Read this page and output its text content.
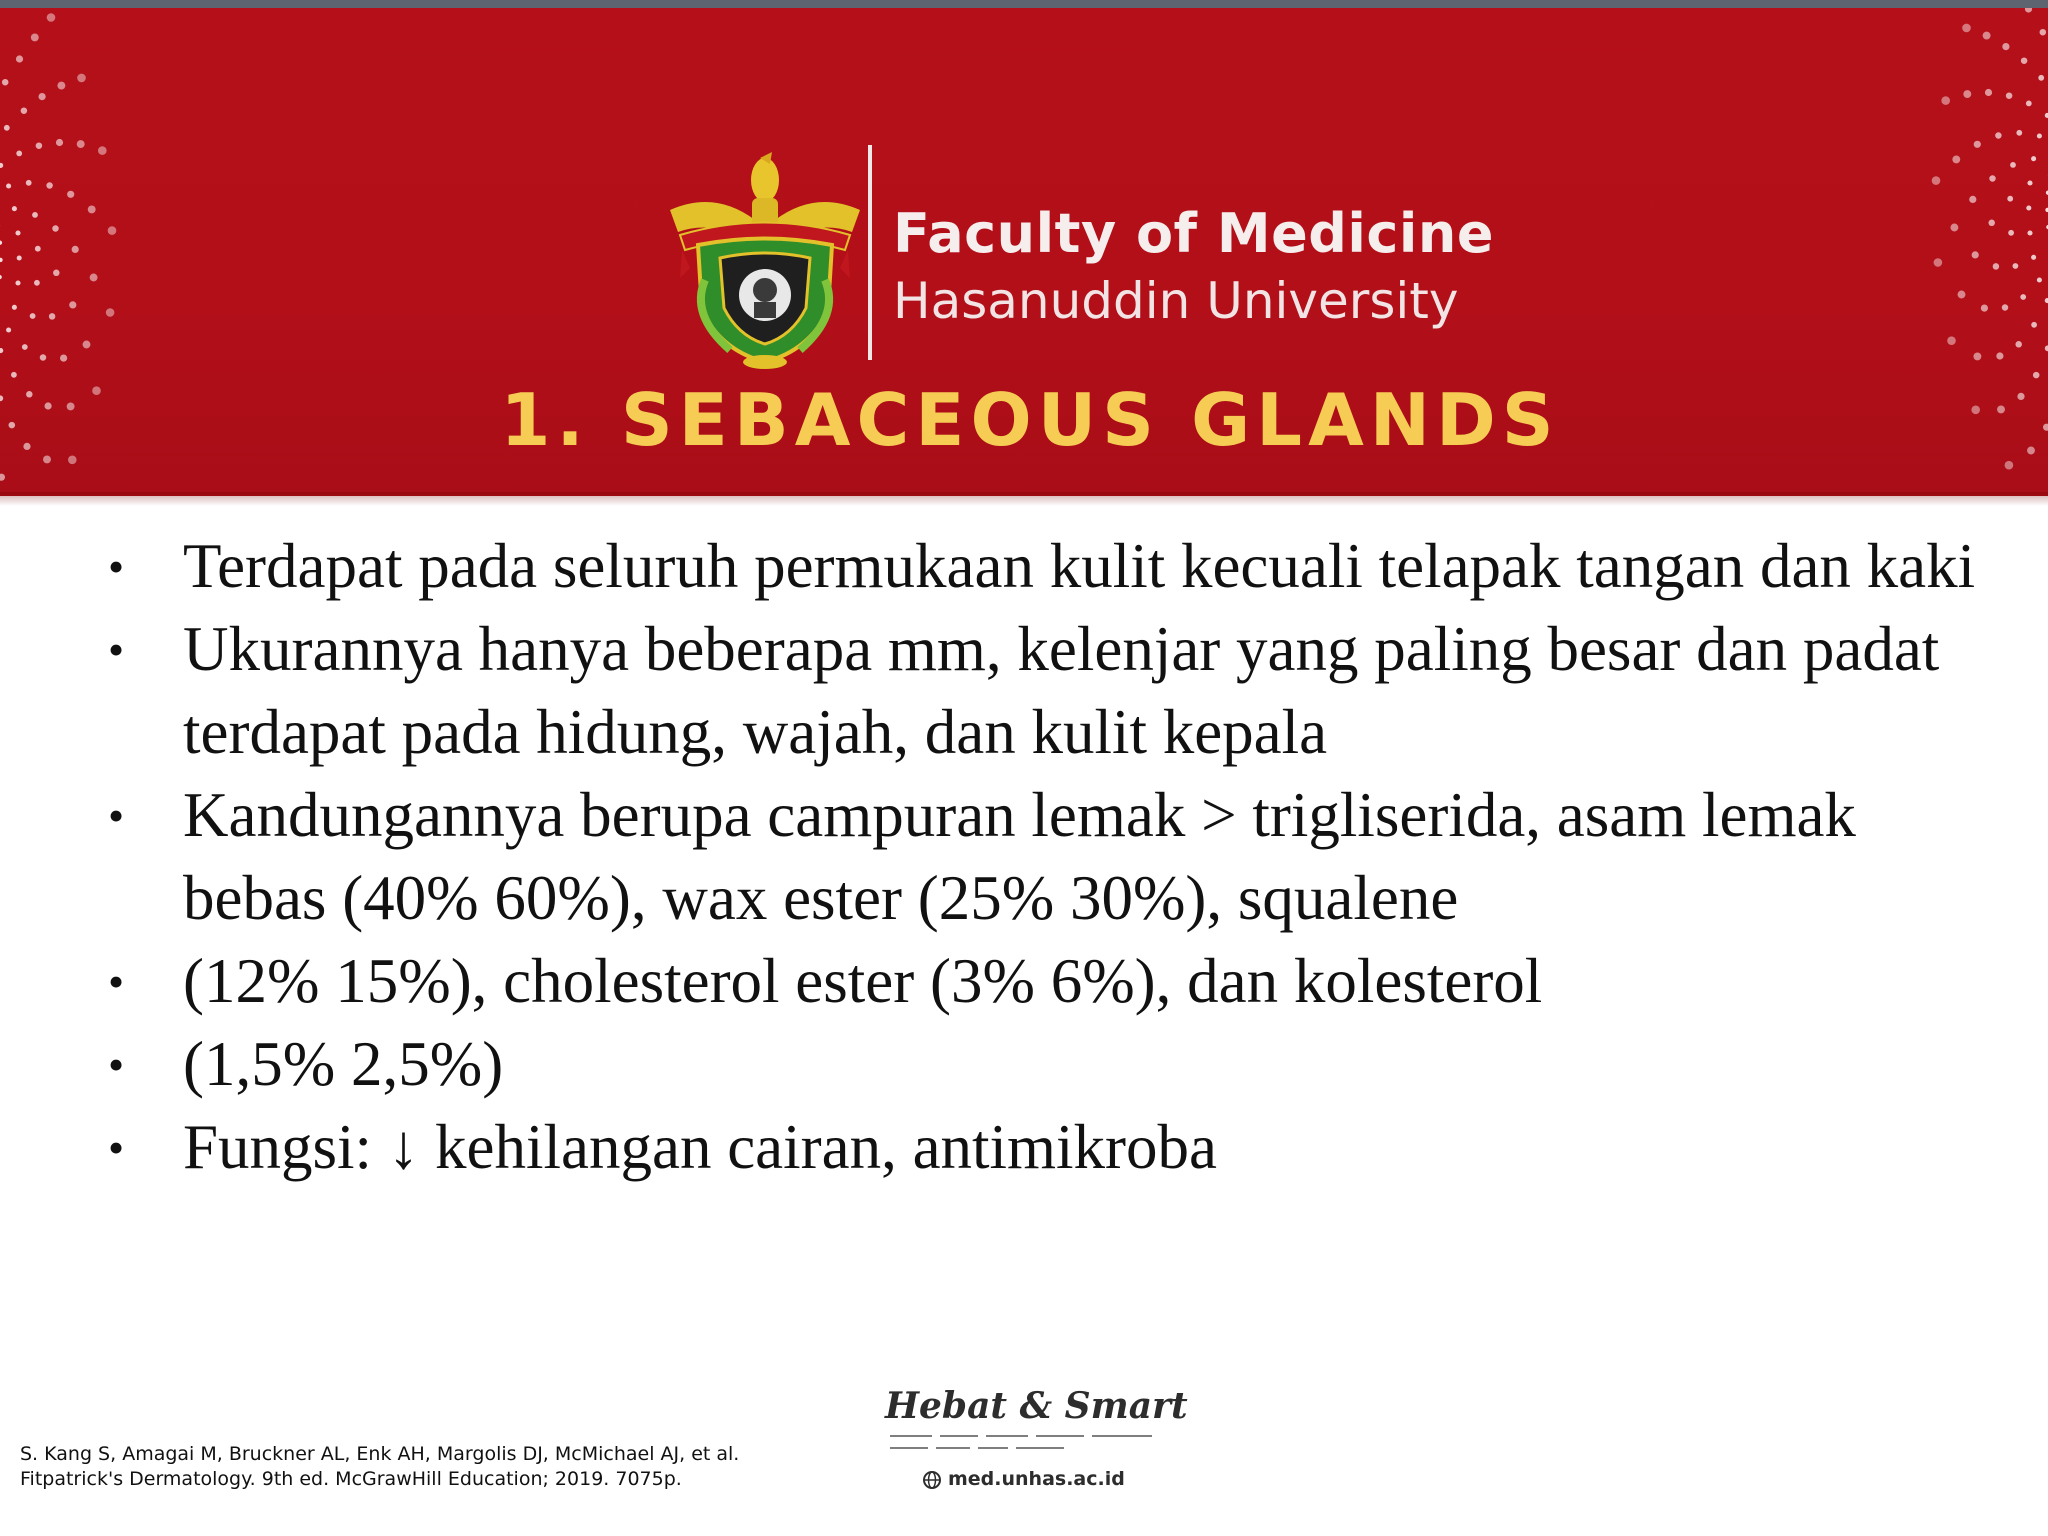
Faculty of Medicine
Hasanuddin University
1. SEBACEOUS GLANDS
• Terdapat pada seluruh permukaan kulit kecuali telapak tangan dan kaki
• Ukurannya hanya beberapa mm, kelenjar yang paling besar dan padat terdapat pada hidung, wajah, dan kulit kepala
• Kandungannya berupa campuran lemak > trigliserida, asam lemak bebas (40% 60%), wax ester (25% 30%), squalene
• (12% 15%), cholesterol ester (3% 6%), dan kolesterol
• (1,5% 2,5%)
• Fungsi: ↓ kehilangan cairan, antimikroba
S. Kang S, Amagai M, Bruckner AL, Enk AH, Margolis DJ, McMichael AJ, et al. Fitpatrick's Dermatology. 9th ed. McGrawHill Education; 2019. 7075p.
Hebat & Smart
med.unhas.ac.id
